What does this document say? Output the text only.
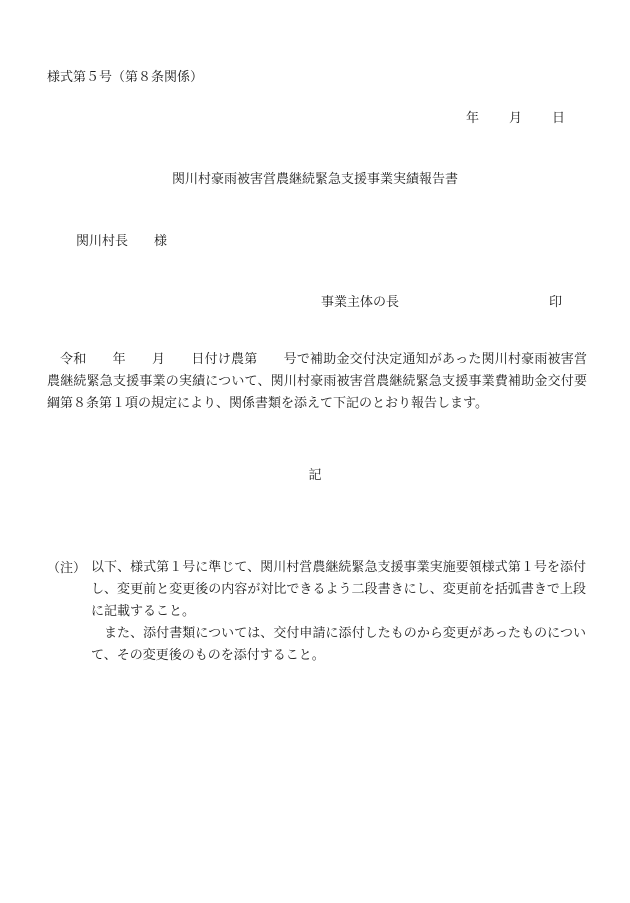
様式第５号（第８条関係）
年 月 日
関川村豪雨被害営農継続緊急支援事業実績報告書
関川村長 様
事業主体の長	印
令和 年 月 日付け農第 号で補助金交付決定通知があった関川村豪雨被害営農継続緊急支援事業の実績について、関川村豪雨被害営農継続緊急支援事業費補助金交付要綱第８条第１項の規定により、関係書類を添えて下記のとおり報告します。
記
（注） 以下、様式第１号に準じて、関川村営農継続緊急支援事業実施要領様式第１号を添付し、変更前と変更後の内容が対比できるよう二段書きにし、変更前を括弧書きで上段に記載すること。

また、添付書類については、交付申請に添付したものから変更があったものについて、その変更後のものを添付すること。
